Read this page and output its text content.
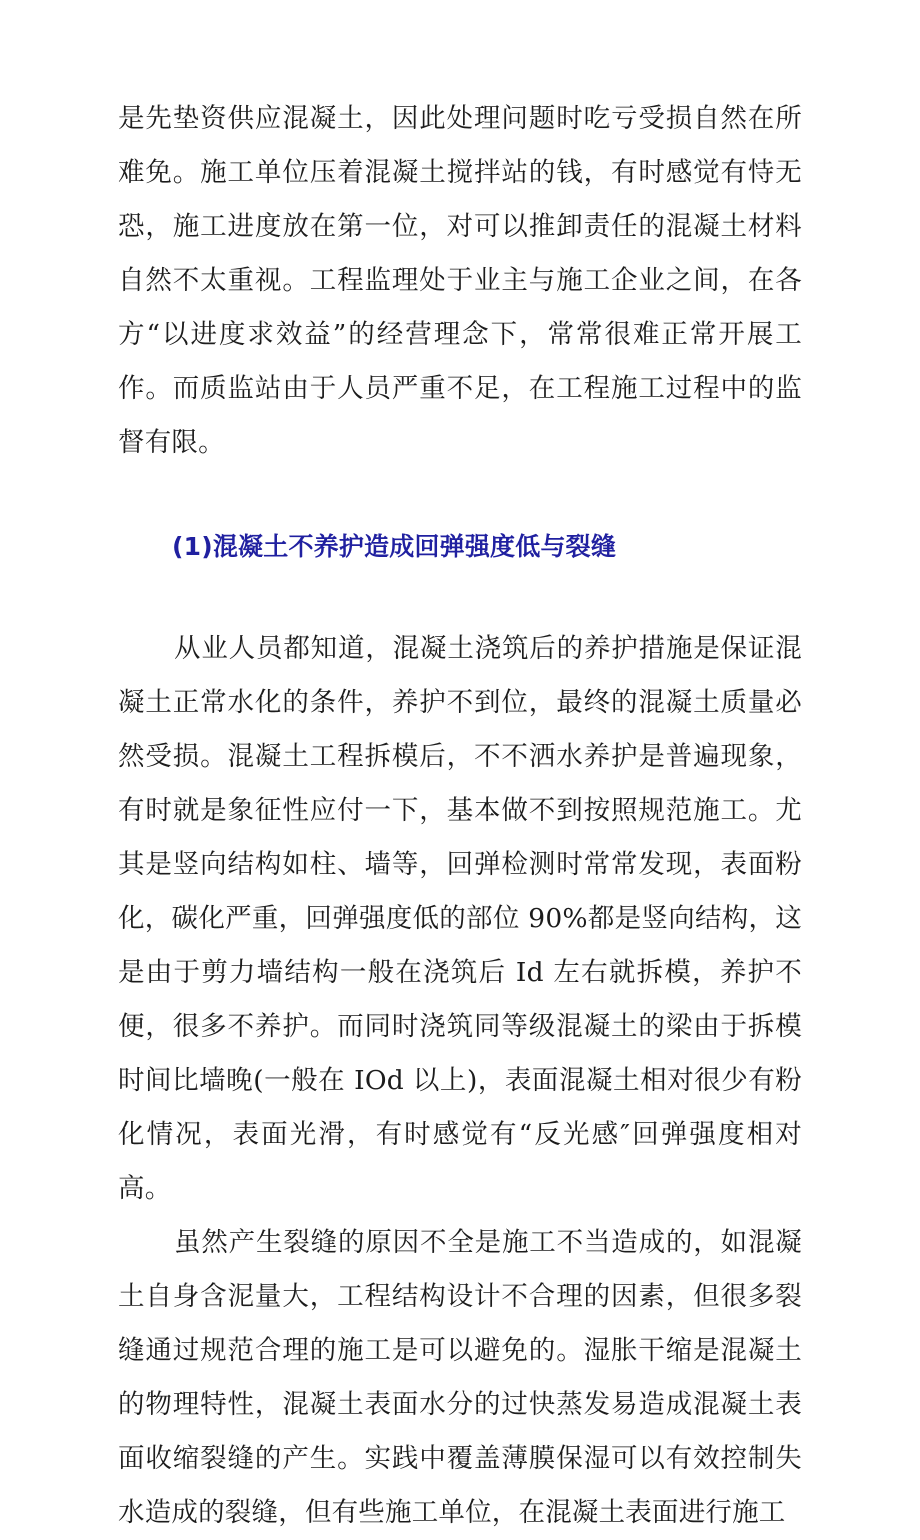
是先垫资供应混凝土，因此处理问题时吃亏受损自然在所难免。施工单位压着混凝土搅拌站的钱，有时感觉有恃无恐，施工进度放在第一位，对可以推卸责任的混凝土材料自然不太重视。工程监理处于业主与施工企业之间，在各方“以进度求效益”的经营理念下，常常很难正常开展工作。而质监站由于人员严重不足，在工程施工过程中的监督有限。

(1)混凝土不养护造成回弹强度低与裂缝

从业人员都知道，混凝土浇筑后的养护措施是保证混凝土正常水化的条件，养护不到位，最终的混凝土质量必然受损。混凝土工程拆模后，不不洒水养护是普遍现象，有时就是象征性应付一下，基本做不到按照规范施工。尤其是竖向结构如柱、墙等，回弹检测时常常发现，表面粉化，碳化严重，回弹强度低的部位 90%都是竖向结构，这是由于剪力墙结构一般在浇筑后 Id 左右就拆模，养护不便，很多不养护。而同时浇筑同等级混凝土的梁由于拆模时间比墙晚(一般在 IOd 以上)，表面混凝土相对很少有粉化情况，表面光滑，有时感觉有“反光感″回弹强度相对高。

虽然产生裂缝的原因不全是施工不当造成的，如混凝土自身含泥量大，工程结构设计不合理的因素，但很多裂缝通过规范合理的施工是可以避免的。湿胀干缩是混凝土的物理特性，混凝土表面水分的过快蒸发易造成混凝土表面收缩裂缝的产生。实践中覆盖薄膜保湿可以有效控制失水造成的裂缝，但有些施工单位，在混凝土表面进行施工
